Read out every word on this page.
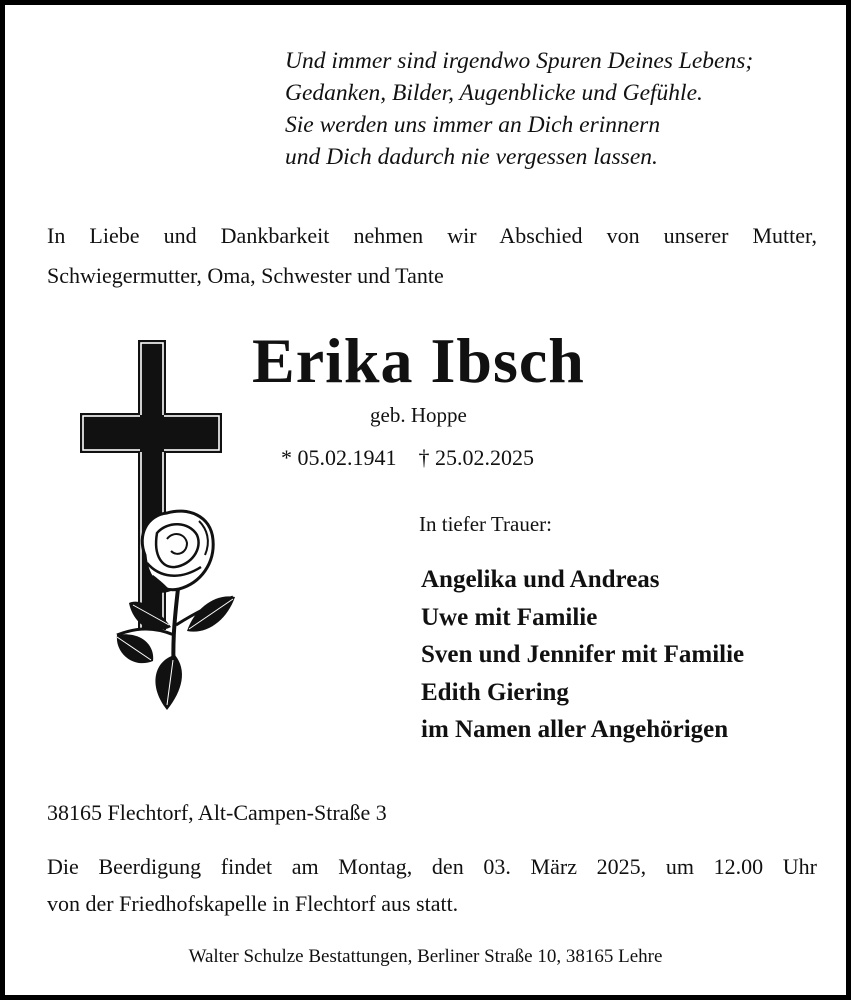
Und immer sind irgendwo Spuren Deines Lebens;
Gedanken, Bilder, Augenblicke und Gefühle.
Sie werden uns immer an Dich erinnern
und Dich dadurch nie vergessen lassen.
In Liebe und Dankbarkeit nehmen wir Abschied von unserer Mutter,
Schwiegermutter, Oma, Schwester und Tante
Erika Ibsch
geb. Hoppe
* 05.02.1941 † 25.02.2025
In tiefer Trauer:
Angelika und Andreas
Uwe mit Familie
Sven und Jennifer mit Familie
Edith Giering
im Namen aller Angehörigen
38165 Flechtorf, Alt-Campen-Straße 3
Die Beerdigung findet am Montag, den 03. März 2025, um 12.00 Uhr
von der Friedhofskapelle in Flechtorf aus statt.
Walter Schulze Bestattungen, Berliner Straße 10, 38165 Lehre
